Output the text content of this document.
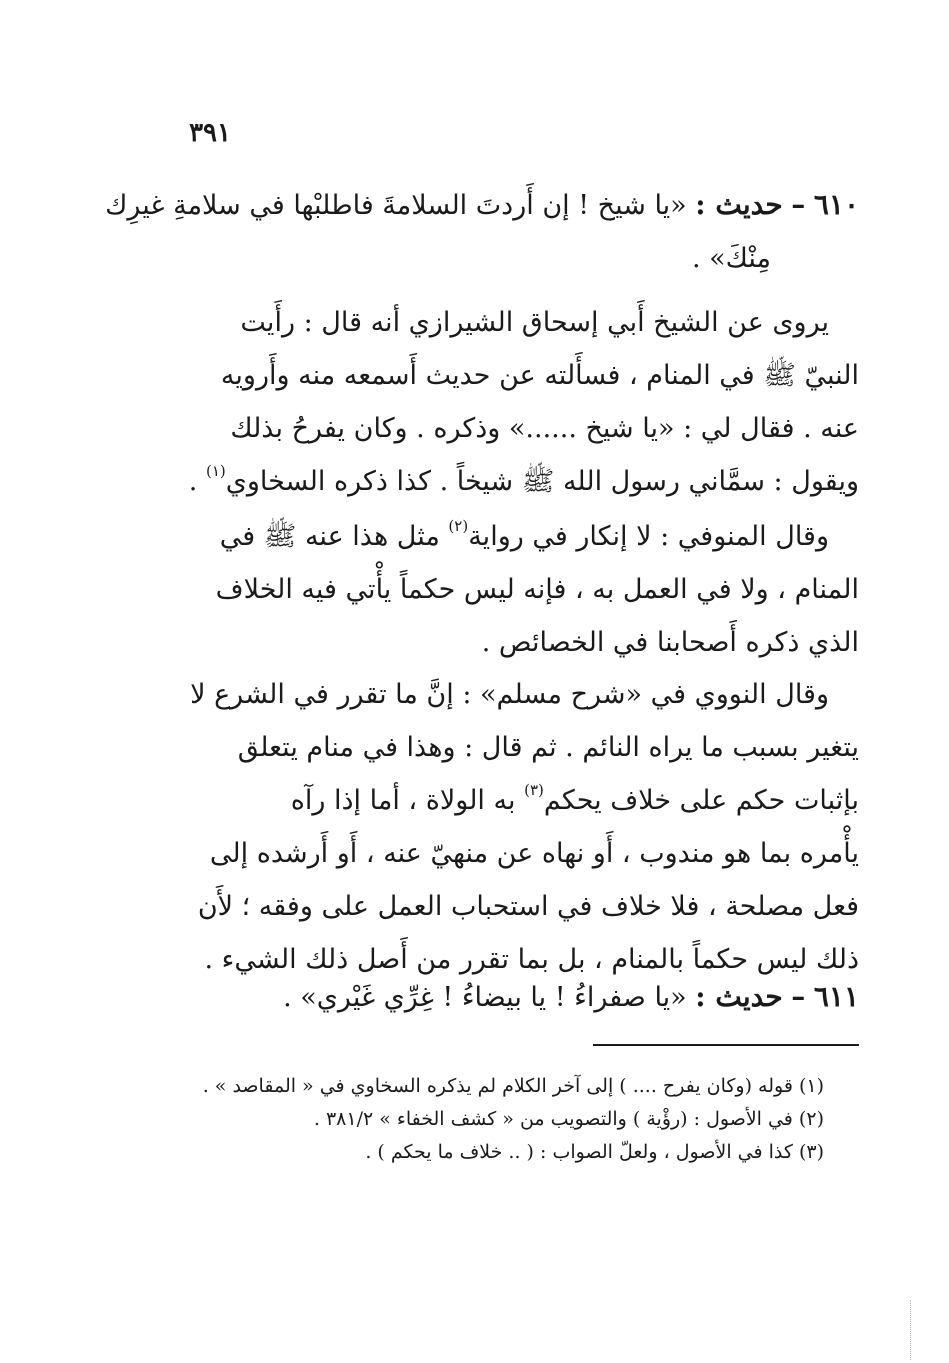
٣٩١
٦١٠ – حديث : «يا شيخ ! إن أَردتَ السلامةَ فاطلبْها في سلامةِ غيرِك
مِنْكَ» .
يروى عن الشيخ أَبي إسحاق الشيرازي أنه قال : رأَيت
النبيّ ﷺ في المنام ، فسأَلته عن حديث أَسمعه منه وأَرويه
عنه . فقال لي : «يا شيخ ......» وذكره . وكان يفرحُ بذلك
ويقول : سمَّاني رسول الله ﷺ شيخاً . كذا ذكره السخاوي$^{(١)}$ .
وقال المنوفي : لا إنكار في رواية$^{(٢)}$ مثل هذا عنه ﷺ في
المنام ، ولا في العمل به ، فإنه ليس حكماً يأْتي فيه الخلاف
الذي ذكره أَصحابنا في الخصائص .
وقال النووي في «شرح مسلم» : إنَّ ما تقرر في الشرع لا
يتغير بسبب ما يراه النائم . ثم قال : وهذا في منام يتعلق
بإثبات حكم على خلاف يحكم$^{(٣)}$ به الولاة ، أما إذا رآه
يأْمره بما هو مندوب ، أَو نهاه عن منهيّ عنه ، أَو أَرشده إلى
فعل مصلحة ، فلا خلاف في استحباب العمل على وفقه ؛ لأَن
ذلك ليس حكماً بالمنام ، بل بما تقرر من أَصل ذلك الشيء .
٦١١ – حديث : «يا صفراءُ ! يا بيضاءُ ! غِرِّي غَيْري» .
(١) قوله (وكان يفرح .... ) إلى آخر الكلام لم يذكره السخاوي في « المقاصد » .
(٢) في الأصول : (رؤْية ) والتصويب من « كشف الخفاء » ٣٨١/٢ .
(٣) كذا في الأصول ، ولعلّ الصواب : ( .. خلاف ما يحكم ) .
